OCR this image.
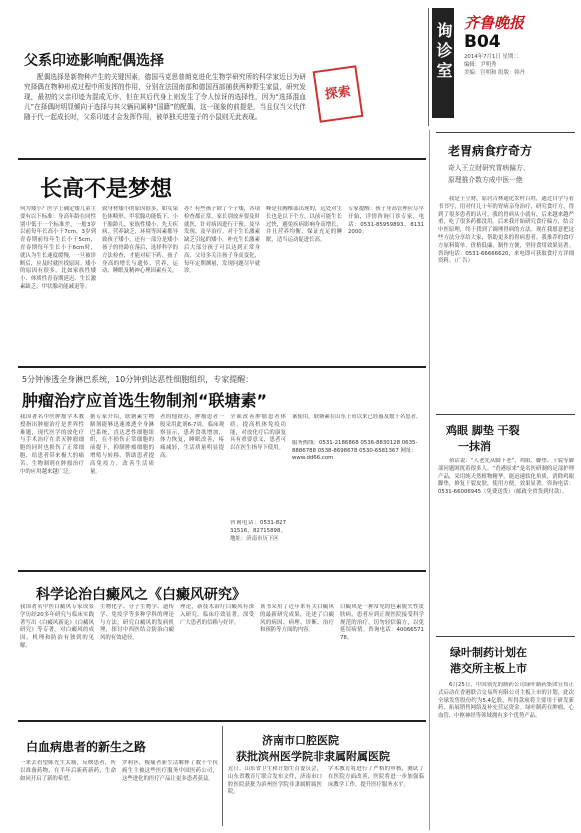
询诊室 齐鲁晚报
B04
2014年7月1日 星期二
编辑：尹明秀
美编：宫明和 组版：韩丹
探索
父系印迹影响配偶选择
配偶选择是新物种产生的关键因素，德国马克思普朗克进化生物学研究所的科学家近日为研究择偶在物种形成过程中所发挥的作用，分别在法国南部和德国西部捕获两种野生家鼠，研究发现，最初的父亲印迹为混成无序，但在其后代身上则发生了令人惊讶的选择性，因为“选择混血儿”在择偶时明显倾向于选择与其父辆同属种“国籍”的配偶，这一现象的前提是，当且仅当父代伴随于代一起成长时，父系印迹才会发挥作用，被单独关进笼子的小鼠则无此表现。
长高不是梦想
何为矮小？医学上确定矮儿童主要有以下标准：身高年龄在同性别中低于一个标准差，一般3岁以前每年长高小于7cm，3岁到青春期前每年生长小于5cm，青春期每年生长小于6cm时，就认为生长速度缓慢，一旦被诊断后，应及时就医找原因。矮小的原因有很多，比如家族性矮小、体质性青春期延迟、生长激素缺乏、甲状腺功能减退等。
致身材矮小的原因很多，如女染色体畸形、甲状腺功能低下、小于胎龄儿、家族性矮小、先天疾病、营养缺乏，环境等因素都导致孩子矮小，还有一部分是矮小孩子的骨龄在落后，选择科学的方法检查，才能对症下药。孩子身高的增长与遗传、营养、运动、睡眠及精神心理因素有关。
办？有些孩子除了个子矮，各项检查都正常，家长别放弃要及时就医，针对病因进行干预。及早发现、及早治疗。对于生长激素缺乏引起的矮小，补充生长激素后大部分孩子可以达到正常身高，父母多关注孩子身高变化，每年定期测量，发现问题尽早就诊。
峰是在胸椎部出现的，远处对生长也是以下个方，以前可能生长过快，避免疾病影响身高增长，并且营养均衡，保证充足的睡眠，适当运动促进长高。
专家提醒：孩子身高管理应尽早开始，详情咨询门诊专家，电话：0531-85959893、81312000。
5分钟渗透全身淋巴系统，10分钟到达恶性细胞组织，专家提醒：
肿瘤治疗应首选生物制剂“联塘素”
我国著名中医肿瘤学术教授指出肿瘤治疗是世界性难题，现代医学的放化疗与手术治疗在杀灭肿瘤细胞的同时也损伤了正常细胞，给患者带来极大的痛苦。生物制剂在肿瘤治疗中的应用越来越广泛。
据专家介绍，联塘素生物制剂能够迅速渗透全身淋巴系统，直达恶性细胞组织，在不损伤正常细胞的前提下，抑制肿瘤细胞的增殖与转移，帮助患者提高免疫力，改善生活质量。
者的他批办，肿瘤患者一般采用此剂6-7周，临床观察显示，患者食欲增加，体力恢复，睡眠改善，疼痛减轻，生活质量明显提高。
全面改善肿瘤患者体质，提高机体免疫功能，对放化疗后的康复具有重要意义，患者可以在医生指导下使用。
案使用，联塘素在山东上市以来已经惠及数千名患者。
咨询电话：0531-82731516、82715898。地址：济南市历下区
服务热线：0531-2186868 0536-8830128 0635-8886788 0538-8698678 0530-6581367 网址：www.dd66.com
科学论治白癜风之《白癜风研究》
我国著名中医白癜风专家成景学历经20多年研究与临床实践著写出《白癜风新论》《白癜风研究》等专著，对白癜风的成因、机理和防治有独到的见解。
生物化学、分子生物学、遗传学、免疫学等多种学科的理论与方法，研究白癜风的发病机理，探讨中西医结合防治白癜风的有效途径。
理论，新技术治疗白癜风有深入研究，临床疗效显著，深受广大患者的信赖与好评。
该书采用了近年来有关白癜风的最新研究成果，论述了白癜风的病因、病理、诊断、治疗和预防等方面的内容。
白癜风是一种常见的色素脱失性皮肤病，患者应到正规医院接受科学规范的治疗，切勿轻信偏方，以免延误病情。咨询电话：4006657178。
白血病患者的新生之路
一来去看望陈先生太痛，反映患者，所以准备药物，在半年后新药新药，生命如同开启了新的希望。
罗莉区，瘦痛者新生活解释了数十个抗癌生主被这些医疗服务中国医药公司，这些进化的医疗产品让更多患者获益。
济南市口腔医院
获批滨州医学院非隶属附属医院
近日，山东省卫生和计划生育委员会，山东省教育厅联合发布文件，济南市口腔医院获批为滨州医学院非隶属附属医院。
学术教育将进行了严格的审核，测试了在医院方面改善，医院将进一步加强临床教学工作，提升医疗服务水平。
老胃病食疗奇方
奇人王立财研究胃病偏方、
原理推介数方成中医一绝
我是王立财，原居吉林通化农村百姓，通过自学与看书书写，用对付几十年的胃病亲身治疗，研究食疗方，得到了很多患者的认可。我的胃病从小就有，后来越来越严重，吃了很多药都没用。后来我开始研究食疗偏方，结合中医原理，终于找到了调理胃病的方法。现在我愿意把这些方法分享给大家，帮助更多的胃病患者。我推荐的食疗方原料简单、价格低廉、制作方便，坚持食用效果显著。咨询电话：0531-66666620，来电即可获取食疗方详细资料。（广告）
鸡眼 脚垫 干裂
一抹消
俗话说：“人老先从脚下老”，鸡眼、脚垫、干裂等脚部问题困扰着很多人。“香港原来”是名医研制的足部护理产品，采用纯天然植物精华，能迅速软化角质，消除鸡眼脚垫，修复干裂皮肤，使用方便，效果显著。咨询电话：0531-66006945（免费送货）（邮政全省货到付款）。
绿叶制药计划在
港交所主板上市
6月25日，中国领先的制药公司绿叶制药集团宣布正式启动在香港联合交易所有限公司主板上市的计划，此次全球发售股份约为5.4亿股，所得款项将主要用于研发新药、拓展销售网络及补充营运资金。绿叶制药在肿瘤、心血管、中枢神经等领域拥有多个优势产品。
